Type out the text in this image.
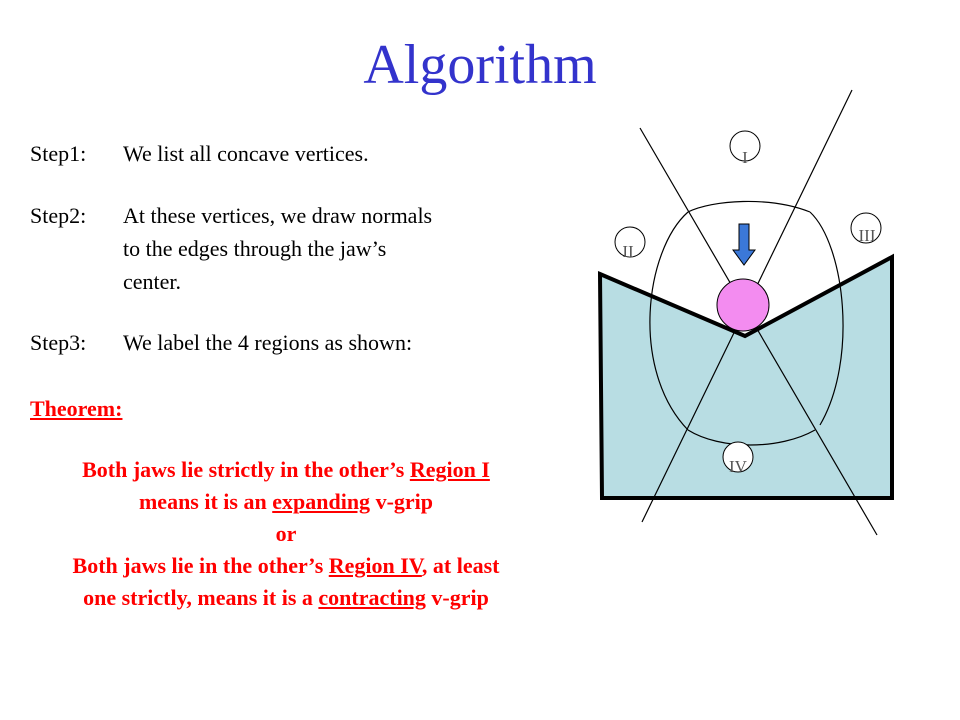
Algorithm
Step1:	We list all concave vertices.
Step2:	At these vertices, we draw normals
to the edges through the jaw’s
center.
Step3:	We label the 4 regions as shown:
Theorem:
Both jaws lie strictly in the other’s Region I
means it is an expanding v-grip
or
Both jaws lie in the other’s Region IV, at least
one strictly, means it is a contracting v-grip
I
II
III
IV
